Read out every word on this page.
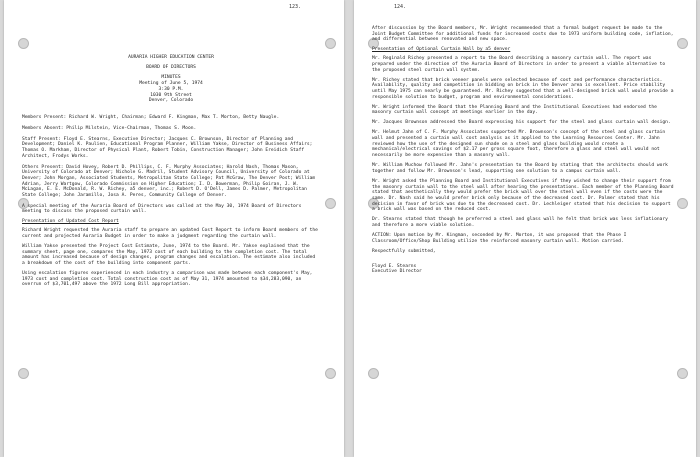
123.
AURARIA HIGHER EDUCATION CENTER
BOARD OF DIRECTORS
MINUTES
Meeting of June 5, 1974
3:30 P.M.
1030 9th Street
Denver, Colorado

Members Present: Richard W. Wright, Chairman; Edward F. Kingman, Max T. Morton, Betty Naugle.

Members Absent: Philip Milstein, Vice-Chairman, Thomas S. Moon.

Staff Present: Floyd E. Stearns, Executive Director; Jacques C. Brownson, Director of Planning and Development; Daniel K. Paulien, Educational Program Planner, William Yakse, Director of Business Affairs; Thomas O. Markham, Director of Physical Plant, Robert Tobin, Construction Manager; John Ereidich Staff Architect, Frodys Works.

Others Present: David Hovey, Robert D. Phillips, C. F. Murphy Associates; Harold Nash, Thomas Mason, University of Colorado at Denver; Nichole G. Madril, Student Advisory Council, University of Colorado at Denver; John Morgan, Associated Students, Metropolitan State College; Pat McGraw, The Denver Post; William Adrian, Jerry Wartgow, Colorado Commission on Higher Education; I. D. Bowerman, Philip Goiran, J. W. McLagan, E. E. McDonald, R. W. Richey, a5 denver, inc.; Robert D. O'Dell, James D. Palmer, Metropolitan State College; John Jaramillo, Josa A. Peres, Community College of Denver.

A special meeting of the Auraria Board of Directors was called at the May 30, 1974 Board of Directors meeting to discuss the proposed curtain wall.

Presentation of Updated Cost Report

Richard Wright requested the Auraria staff to prepare an updated Cost Report to inform Board members of the current and projected Auraria Budget in order to make a judgment regarding the curtain wall.

William Yakse presented the Project Cost Estimate, June, 1974 to the Board. Mr. Yakse explained that the summary sheet, page one, compares the May, 1973 cost of each building to the completion cost. The total amount has increased because of design changes, program changes and escalation. The estimate also included a breakdown of the cost of the building into component parts.

Using escalation figures experienced in each industry a comparison was made between each component's May, 1973 cost and completion cost. Total construction cost as of May 31, 1974 amounted to $34,283,090, an overrun of $3,701,497 above the 1972 Long Bill appropriation.

124.

After discussion by the Board members, Mr. Wright recommended that a formal budget request be made to the Joint Budget Committee for additional funds for increased costs due to 1973 uniform building code, inflation, and differential between renovated and new space.

Presentation of Optional Curtain Wall by a5 denver

Mr. Reginald Richey presented a report to the Board describing a masonry curtain wall. The report was prepared under the direction of the Auraria Board of Directors in order to present a viable alternative to the proposed steel curtain wall system.

Mr. Richey stated that brick veneer panels were selected because of cost and performance characteristics. Availability, quality and competition in bidding on brick in the Denver area is excellent. Price stability until May 1975 can nearly be guaranteed. Mr. Richey suggested that a well-designed brick wall would provide a responsible solution to budget, program and environmental considerations.

Mr. Wright informed the Board that the Planning Board and the Institutional Executives had endorsed the masonry curtain wall concept at meetings earlier in the day.

Mr. Jacques Brownson addressed the Board expressing his support for the steel and glass curtain wall design.

Mr. Helmut Jahn of C. F. Murphy Associates supported Mr. Brownson's concept of the steel and glass curtain wall and presented a curtain wall cost analysis as it applied to the Learning Resources Center. Mr. Jahn reviewed how the use of the designed sun shade on a steel and glass building would create a mechanical/electrical savings of $2.17 per gross square foot, therefore a glass and steel wall would not necessarily be more expensive than a masonry wall.

Mr. William Muchow followed Mr. Jahn's presentation to the Board by stating that the architects should work together and follow Mr. Brownson's lead, supporting one solution to a campus curtain wall.

Mr. Wright asked the Planning Board and Institutional Executives if they wished to change their support from the masonry curtain wall to the steel wall after hearing the presentations. Each member of the Planning Board stated that aesthetically they would prefer the brick wall over the steel wall even if the costs were the same. Dr. Nash said he would prefer brick only because of the decreased cost. Dr. Palmer stated that his decision in favor of brick was due to the decreased cost. Dr. Lechleiger stated that his decision to support a brick wall was based on the reduced cost.

Dr. Stearns stated that though he preferred a steel and glass wall he felt that brick was less inflationary and therefore a more viable solution.

ACTION: Upon motion by Mr. Kingman, seconded by Mr. Morton, it was proposed that the Phase I Classroom/Office/Shop Building utilize the reinforced masonry curtain wall. Motion carried.

Respectfully submitted,

Floyd E. Stearns
Executive Director
